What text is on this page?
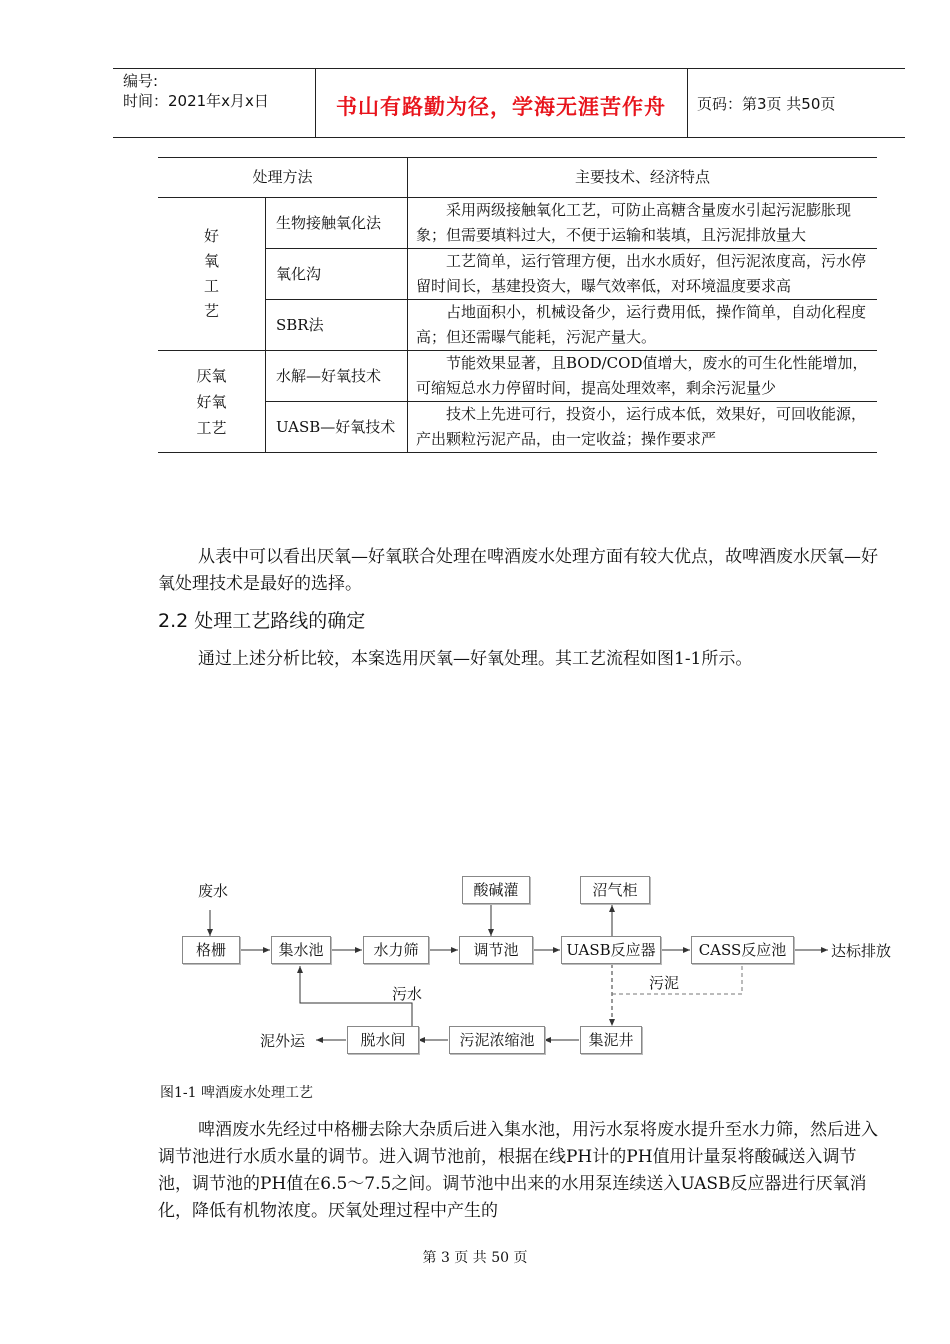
编号:
时间：2021年x月x日	书山有路勤为径，学海无涯苦作舟	页码：第3页 共50页
处理方法		主要技术、经济特点
好氧工艺	生物接触氧化法	采用两级接触氧化工艺，可防止高糖含量废水引起污泥膨胀现象；但需要填料过大，不便于运输和装填，且污泥排放量大
	氧化沟	工艺简单，运行管理方便，出水水质好，但污泥浓度高，污水停留时间长，基建投资大，曝气效率低，对环境温度要求高
	SBR法	占地面积小，机械设备少，运行费用低，操作简单，自动化程度高；但还需曝气能耗，污泥产量大。
厌氧好氧工艺	水解—好氧技术	节能效果显著，且BOD/COD值增大，废水的可生化性能增加，可缩短总水力停留时间，提高处理效率，剩余污泥量少
	UASB—好氧技术	技术上先进可行，投资小，运行成本低，效果好，可回收能源，产出颗粒污泥产品，由一定收益；操作要求严

从表中可以看出厌氧—好氧联合处理在啤酒废水处理方面有较大优点，故啤酒废水厌氧—好氧处理技术是最好的选择。

2.2 处理工艺路线的确定

通过上述分析比较，本案选用厌氧—好氧处理。其工艺流程如图1-1所示。

废水	酸碱灌	沼气柜
格栅	集水池	水力筛	调节池	UASB反应器	CASS反应池	达标排放
污泥
污水
泥外运	脱水间	污泥浓缩池	集泥井
图1-1 啤酒废水处理工艺

啤酒废水先经过中格栅去除大杂质后进入集水池，用污水泵将废水提升至水力筛，然后进入调节池进行水质水量的调节。进入调节池前，根据在线PH计的PH值用计量泵将酸碱送入调节池，调节池的PH值在6.5～7.5之间。调节池中出来的水用泵连续送入UASB反应器进行厌氧消化，降低有机物浓度。厌氧处理过程中产生的

第 3 页 共 50 页
